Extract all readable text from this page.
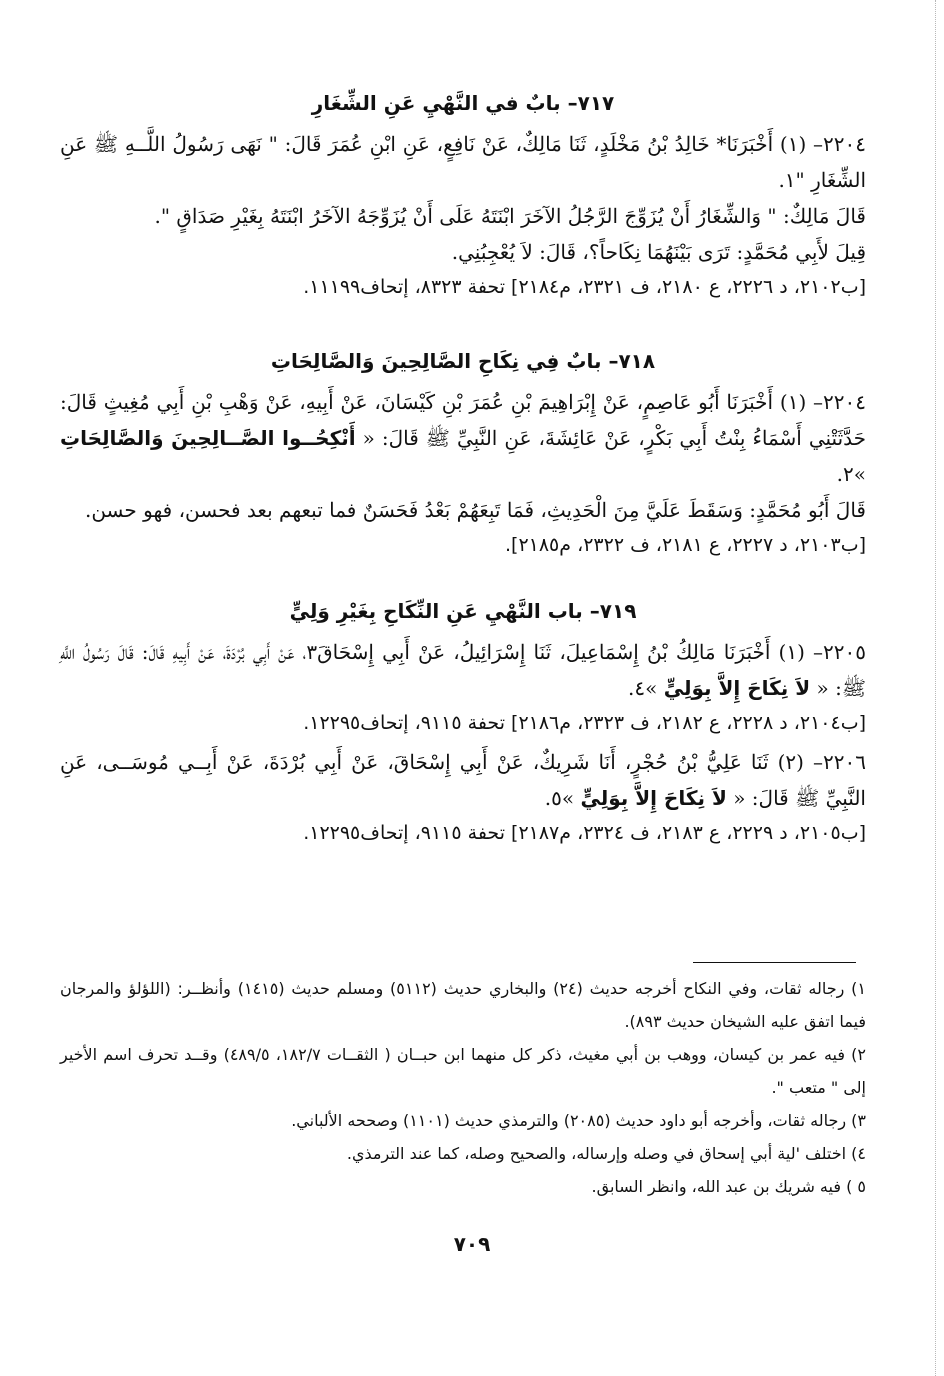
٧١٧– بابٌ في النَّهْيِ عَنِ الشِّغَارِ

٢٢٠٤– (١) أَخْبَرَنَا* خَالِدُ بْنُ مَخْلَدٍ، ثَنَا مَالِكٌ، عَنْ نَافِعٍ، عَنِ ابْنِ عُمَرَ قَالَ: " نَهَى رَسُولُ اللَّــهِ ﷺ عَنِ الشِّغَارِ "١.

قَالَ مَالِكٌ: " وَالشِّغَارُ أَنْ يُزَوِّجَ الرَّجُلُ الآخَرَ ابْنَتَهُ عَلَى أَنْ يُزَوِّجَهُ الآخَرُ ابْنَتَهُ بِغَيْرِ صَدَاقٍ ".

قِيلَ لأَبِي مُحَمَّدٍ: تَرَى بَيْنَهُمَا نِكَاحاً؟، قَالَ: لاَ يُعْجِبُنِي.

[ب٢١٠٢، د ٢٢٢٦، ع ٢١٨٠، ف ٢٣٢١، م٢١٨٤] تحفة ٨٣٢٣، إتحاف١١١٩٩.

٧١٨– بابٌ فِي نِكَاحِ الصَّالِحِينَ وَالصَّالِحَاتِ

٢٢٠٤– (١) أَخْبَرَنَا أَبُو عَاصِمٍ، عَنْ إِبْرَاهِيمَ بْنِ عُمَرَ بْنِ كَيْسَانَ، عَنْ أَبِيهِ، عَنْ وَهْبِ بْنِ أَبِي مُغِيثٍ قَالَ: حَدَّثَتْنِي أَسْمَاءُ بِنْتُ أَبِي بَكْرٍ، عَنْ عَائِشَةَ، عَنِ النَّبِيِّ ﷺ قَالَ: « أَنْكِحُــوا الصَّــالِحِينَ وَالصَّالِحَاتِ »٢.

قَالَ أَبُو مُحَمَّدٍ: وَسَقَطَ عَلَيَّ مِنَ الْحَدِيثِ، فَمَا تَبِعَهُمْ بَعْدُ فَحَسَنٌ فما تبعهم بعد فحسن، فهو حسن.

[ب٢١٠٣، د ٢٢٢٧، ع ٢١٨١، ف ٢٣٢٢، م٢١٨٥].

٧١٩– باب النَّهْيِ عَنِ النِّكَاحِ بِغَيْرِ وَلِيٍّ

٢٢٠٥– (١) أَخْبَرَنَا مَالِكُ بْنُ إِسْمَاعِيلَ، ثَنَا إِسْرَائِيلُ، عَنْ أَبِي إِسْحَاقَ٣، عَنْ أَبِي بُرْدَةَ، عَنْ أَبِيهِ قَالَ: قَالَ رَسُولُ اللَّهِ ﷺ: « لاَ نِكَاحَ إِلاَّ بِوَلِيٍّ »٤.

[ب٢١٠٤، د ٢٢٢٨، ع ٢١٨٢، ف ٢٣٢٣، م٢١٨٦] تحفة ٩١١٥، إتحاف١٢٢٩٥.

٢٢٠٦– (٢) ثَنَا عَلِيُّ بْنُ حُجْرٍ، أَنَا شَرِيكٌ، عَنْ أَبِي إِسْحَاقَ، عَنْ أَبِي بُرْدَةَ، عَنْ أَبِــي مُوسَــى، عَنِ النَّبِيِّ ﷺ قَالَ: « لاَ نِكَاحَ إِلاَّ بِوَلِيٍّ »٥.

[ب٢١٠٥، د ٢٢٢٩، ع ٢١٨٣، ف ٢٣٢٤، م٢١٨٧] تحفة ٩١١٥، إتحاف١٢٢٩٥.

١) رجاله ثقات، وفي النكاح أخرجه حديث (٢٤) والبخاري حديث (٥١١٢) ومسلم حديث (١٤١٥) وأنظــر: (اللؤلؤ والمرجان فيما اتفق عليه الشيخان حديث ٨٩٣).

٢) فيه عمر بن كيسان، ووهب بن أبي مغيث، ذكر كل منهما ابن حبــان ( الثقــات ١٨٢/٧، ٤٨٩/٥) وقــد تحرف اسم الأخير إلى " متعب ".

٣) رجاله ثقات، وأخرجه أبو داود حديث (٢٠٨٥) والترمذي حديث (١١٠١) وصححه الألباني.

٤) اختلف 'لية أبي إسحاق في وصله وإرساله، والصحيح وصله، كما عند الترمذي.

٥ ) فيه شريك بن عبد الله، وانظر السابق.

٧٠٩
